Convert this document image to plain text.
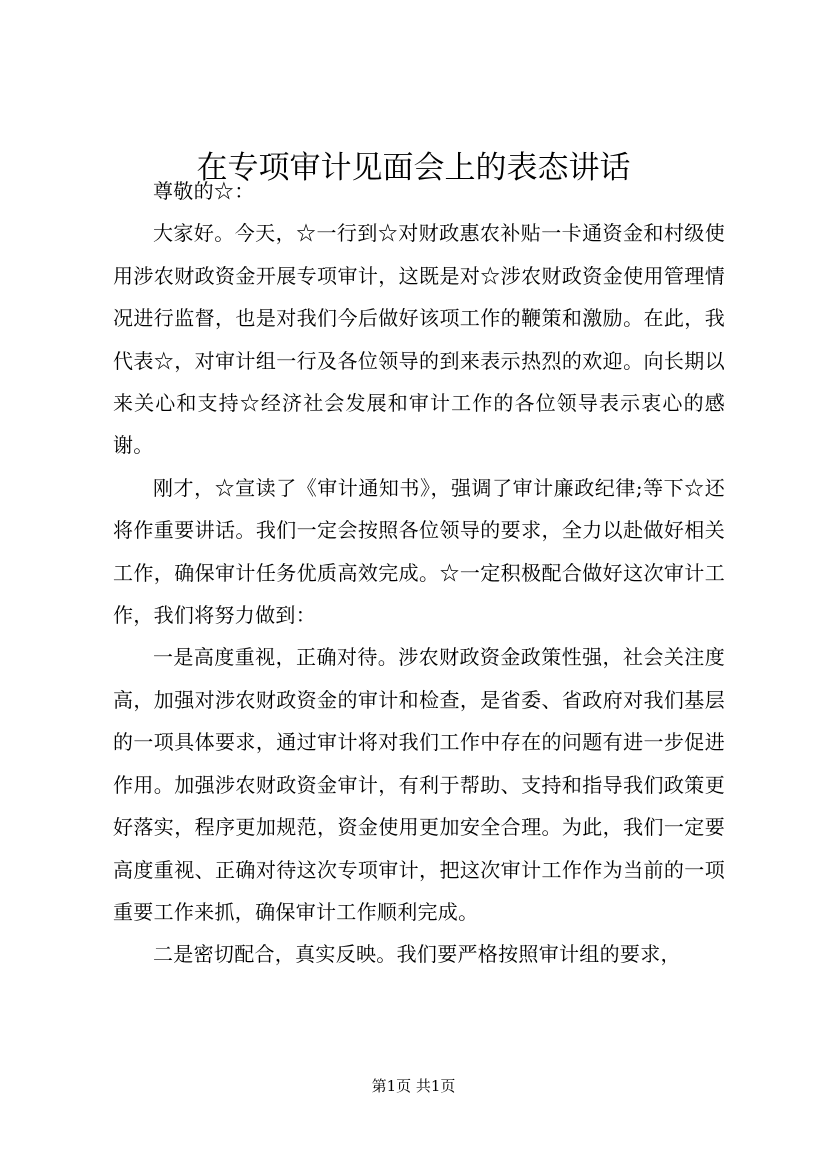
在专项审计见面会上的表态讲话

尊敬的☆：

大家好。今天，☆一行到☆对财政惠农补贴一卡通资金和村级使用涉农财政资金开展专项审计，这既是对☆涉农财政资金使用管理情况进行监督，也是对我们今后做好该项工作的鞭策和激励。在此，我代表☆，对审计组一行及各位领导的到来表示热烈的欢迎。向长期以来关心和支持☆经济社会发展和审计工作的各位领导表示衷心的感谢。

刚才，☆宣读了《审计通知书》，强调了审计廉政纪律;等下☆还将作重要讲话。我们一定会按照各位领导的要求，全力以赴做好相关工作，确保审计任务优质高效完成。☆一定积极配合做好这次审计工作，我们将努力做到：

一是高度重视，正确对待。涉农财政资金政策性强，社会关注度高，加强对涉农财政资金的审计和检查，是省委、省政府对我们基层的一项具体要求，通过审计将对我们工作中存在的问题有进一步促进作用。加强涉农财政资金审计，有利于帮助、支持和指导我们政策更好落实，程序更加规范，资金使用更加安全合理。为此，我们一定要高度重视、正确对待这次专项审计，把这次审计工作作为当前的一项重要工作来抓，确保审计工作顺利完成。

二是密切配合，真实反映。我们要严格按照审计组的要求，

第1页 共1页
